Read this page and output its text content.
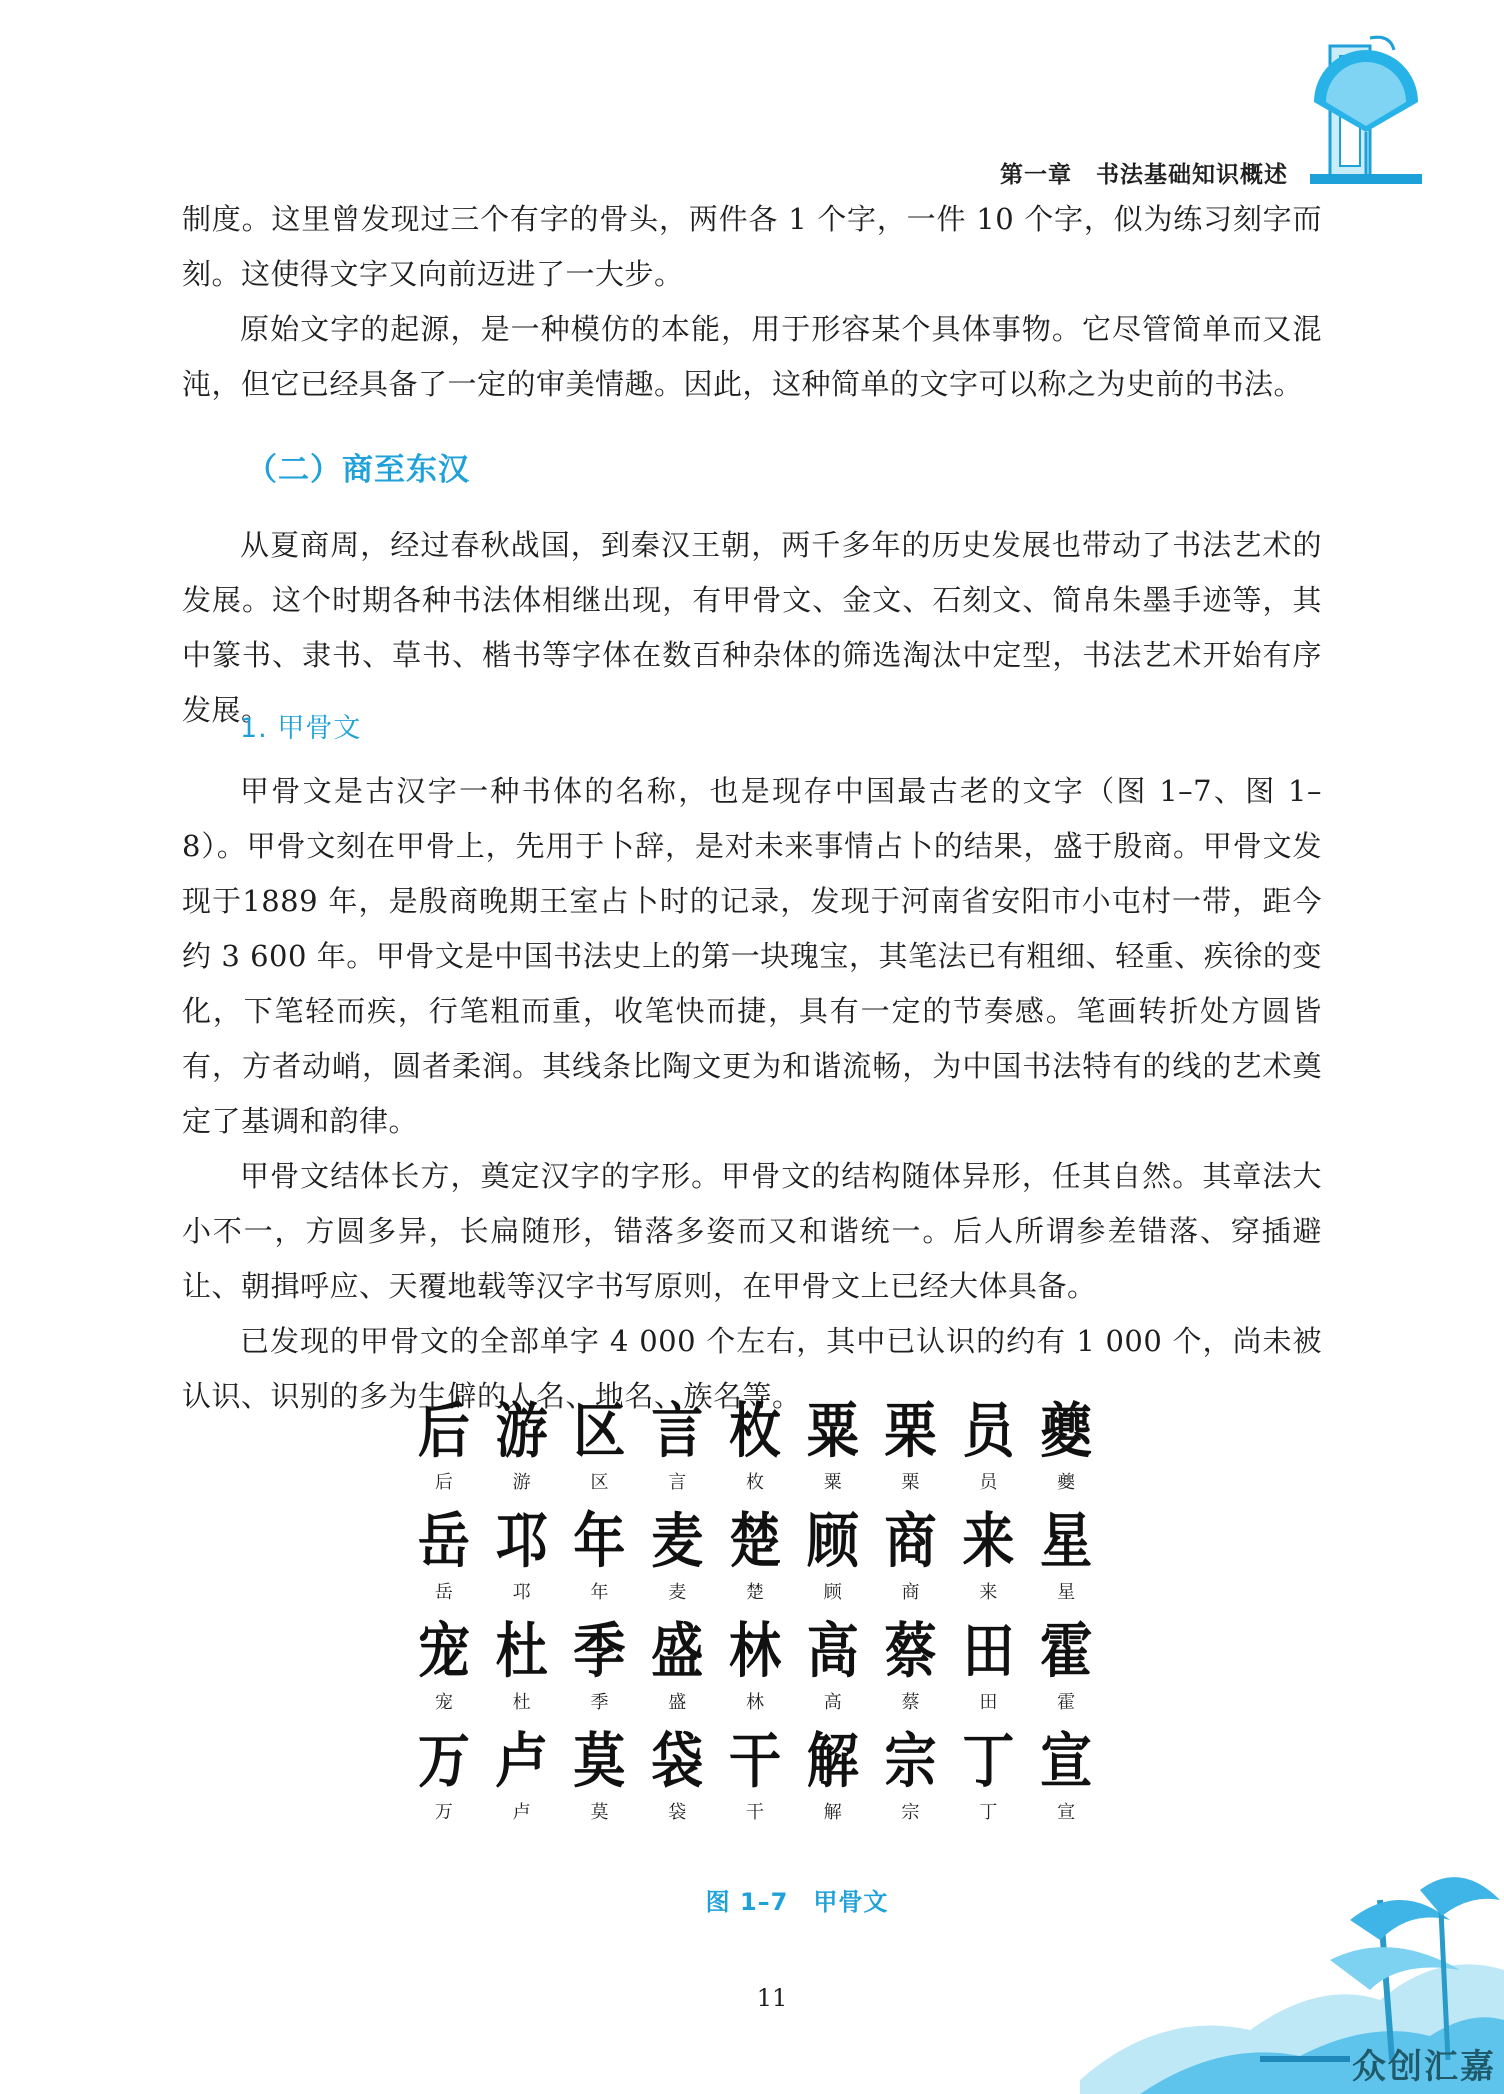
第一章　书法基础知识概述

制度。这里曾发现过三个有字的骨头，两件各 1 个字，一件 10 个字，似为练习刻字而刻。这使得文字又向前迈进了一大步。

原始文字的起源，是一种模仿的本能，用于形容某个具体事物。它尽管简单而又混沌，但它已经具备了一定的审美情趣。因此，这种简单的文字可以称之为史前的书法。

（二）商至东汉

从夏商周，经过春秋战国，到秦汉王朝，两千多年的历史发展也带动了书法艺术的发展。这个时期各种书法体相继出现，有甲骨文、金文、石刻文、简帛朱墨手迹等，其中篆书、隶书、草书、楷书等字体在数百种杂体的筛选淘汰中定型，书法艺术开始有序发展。

1. 甲骨文

甲骨文是古汉字一种书体的名称，也是现存中国最古老的文字（图 1–7、图 1–8）。甲骨文刻在甲骨上，先用于卜辞，是对未来事情占卜的结果，盛于殷商。甲骨文发现于1889 年，是殷商晚期王室占卜时的记录，发现于河南省安阳市小屯村一带，距今约 3 600 年。甲骨文是中国书法史上的第一块瑰宝，其笔法已有粗细、轻重、疾徐的变化，下笔轻而疾，行笔粗而重，收笔快而捷，具有一定的节奏感。笔画转折处方圆皆有，方者动峭，圆者柔润。其线条比陶文更为和谐流畅，为中国书法特有的线的艺术奠定了基调和韵律。

甲骨文结体长方，奠定汉字的字形。甲骨文的结构随体异形，任其自然。其章法大小不一，方圆多异，长扁随形，错落多姿而又和谐统一。后人所谓参差错落、穿插避让、朝揖呼应、天覆地载等汉字书写原则，在甲骨文上已经大体具备。

已发现的甲骨文的全部单字 4 000 个左右，其中已认识的约有 1 000 个，尚未被认识、识别的多为生僻的人名、地名、族名等。

后
后
游
游
区
区
言
言
枚
枚
粟
粟
栗
栗
员
员
夔
夔
岳
岳
邛
邛
年
年
麦
麦
楚
楚
顾
顾
商
商
来
来
星
星
宠
宠
杜
杜
季
季
盛
盛
林
林
高
高
蔡
蔡
田
田
霍
霍
万
万
卢
卢
莫
莫
袋
袋
干
干
解
解
宗
宗
丁
丁
宣
宣
图 1–7　甲骨文
11
众创汇嘉
